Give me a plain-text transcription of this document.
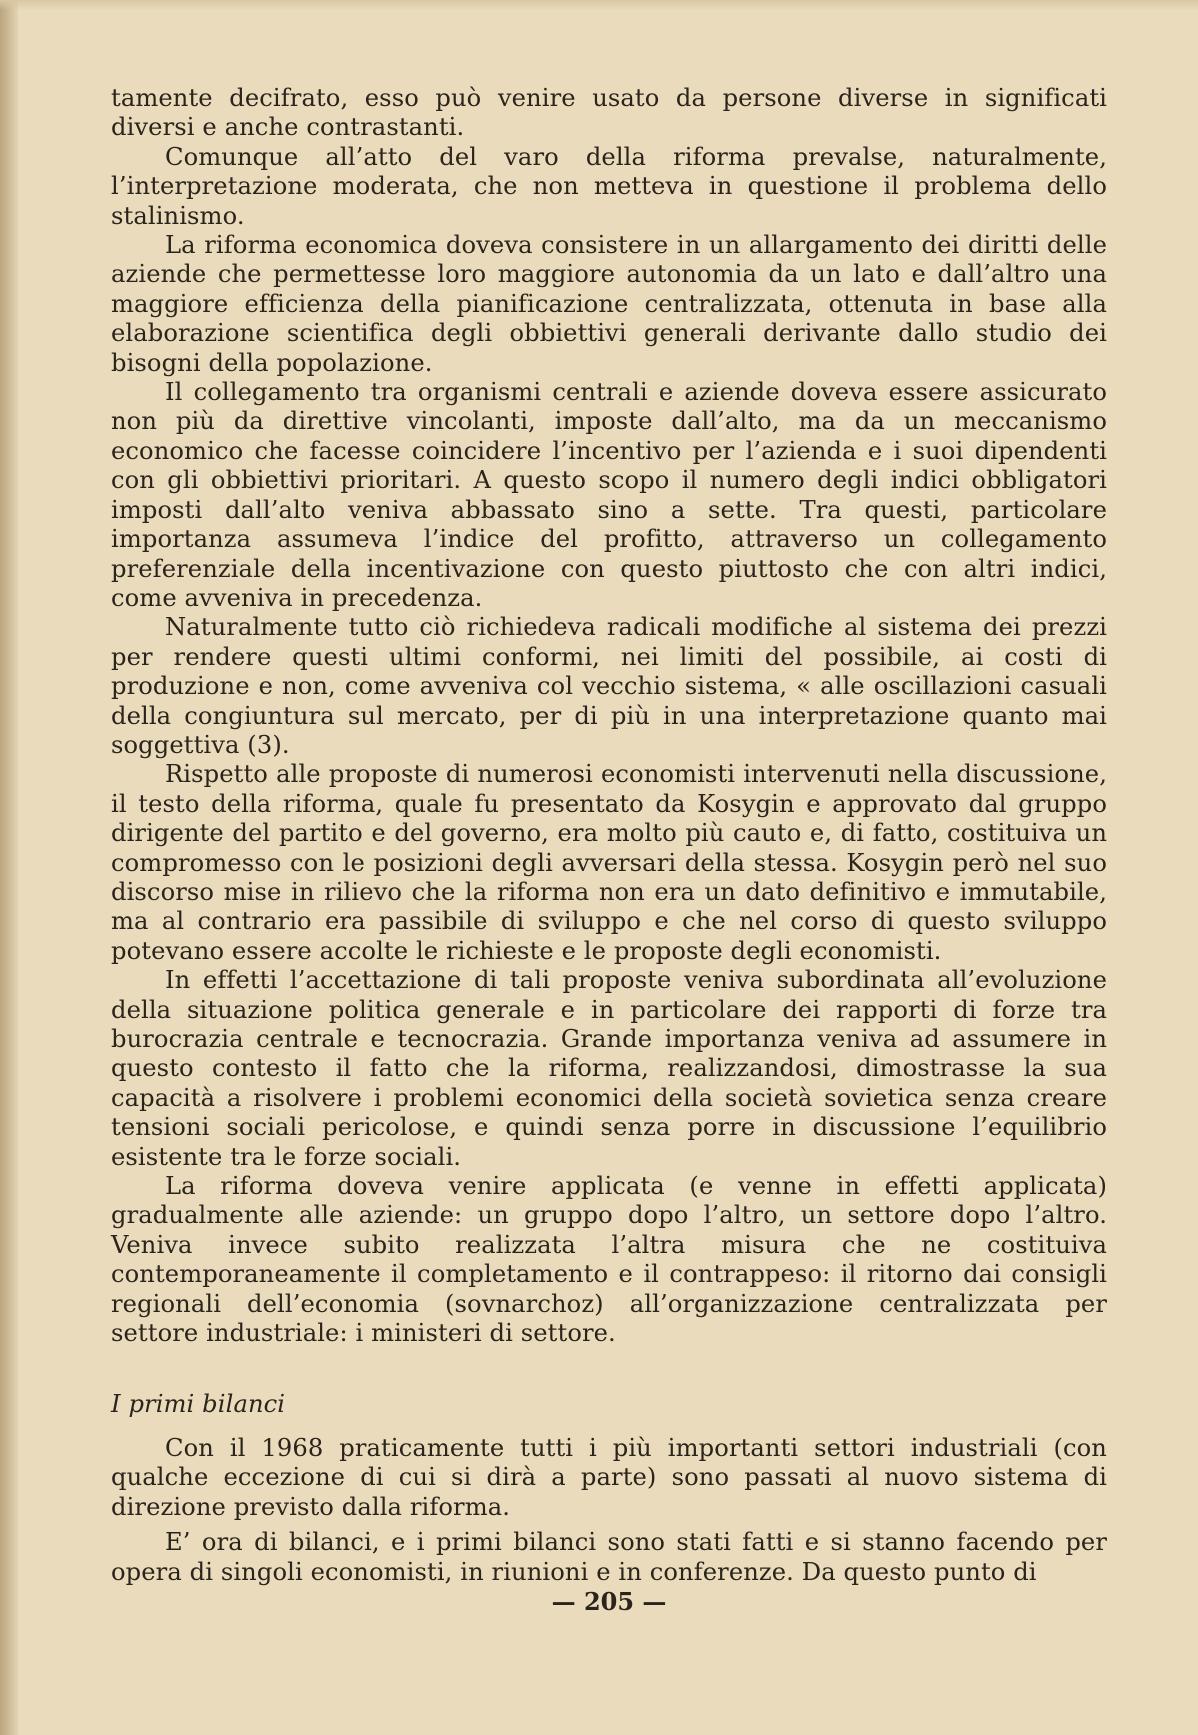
tamente decifrato, esso può venire usato da persone diverse in significati diversi e anche contrastanti.

Comunque all’atto del varo della riforma prevalse, naturalmente, l’interpretazione moderata, che non metteva in questione il problema dello stalinismo.

La riforma economica doveva consistere in un allargamento dei diritti delle aziende che permettesse loro maggiore autonomia da un lato e dall’altro una maggiore efficienza della pianificazione centralizzata, ottenuta in base alla elaborazione scientifica degli obbiettivi generali derivante dallo studio dei bisogni della popolazione.

Il collegamento tra organismi centrali e aziende doveva essere assicurato non più da direttive vincolanti, imposte dall’alto, ma da un meccanismo economico che facesse coincidere l’incentivo per l’azienda e i suoi dipendenti con gli obbiettivi prioritari. A questo scopo il numero degli indici obbligatori imposti dall’alto veniva abbassato sino a sette. Tra questi, particolare importanza assumeva l’indice del profitto, attraverso un collegamento preferenziale della incentivazione con questo piuttosto che con altri indici, come avveniva in precedenza.

Naturalmente tutto ciò richiedeva radicali modifiche al sistema dei prezzi per rendere questi ultimi conformi, nei limiti del possibile, ai costi di produzione e non, come avveniva col vecchio sistema, « alle oscillazioni casuali della congiuntura sul mercato, per di più in una interpretazione quanto mai soggettiva (3).

Rispetto alle proposte di numerosi economisti intervenuti nella discussione, il testo della riforma, quale fu presentato da Kosygin e approvato dal gruppo dirigente del partito e del governo, era molto più cauto e, di fatto, costituiva un compromesso con le posizioni degli avversari della stessa. Kosygin però nel suo discorso mise in rilievo che la riforma non era un dato definitivo e immutabile, ma al contrario era passibile di sviluppo e che nel corso di questo sviluppo potevano essere accolte le richieste e le proposte degli economisti.

In effetti l’accettazione di tali proposte veniva subordinata all’evoluzione della situazione politica generale e in particolare dei rapporti di forze tra burocrazia centrale e tecnocrazia. Grande importanza veniva ad assumere in questo contesto il fatto che la riforma, realizzandosi, dimostrasse la sua capacità a risolvere i problemi economici della società sovietica senza creare tensioni sociali pericolose, e quindi senza porre in discussione l’equilibrio esistente tra le forze sociali.

La riforma doveva venire applicata (e venne in effetti applicata) gradualmente alle aziende: un gruppo dopo l’altro, un settore dopo l’altro. Veniva invece subito realizzata l’altra misura che ne costituiva contemporaneamente il completamento e il contrappeso: il ritorno dai consigli regionali dell’economia (sovnarchoz) all’organizzazione centralizzata per settore industriale: i ministeri di settore.

I primi bilanci

Con il 1968 praticamente tutti i più importanti settori industriali (con qualche eccezione di cui si dirà a parte) sono passati al nuovo sistema di direzione previsto dalla riforma.

E’ ora di bilanci, e i primi bilanci sono stati fatti e si stanno facendo per opera di singoli economisti, in riunioni e in conferenze. Da questo punto di

— 205 —
